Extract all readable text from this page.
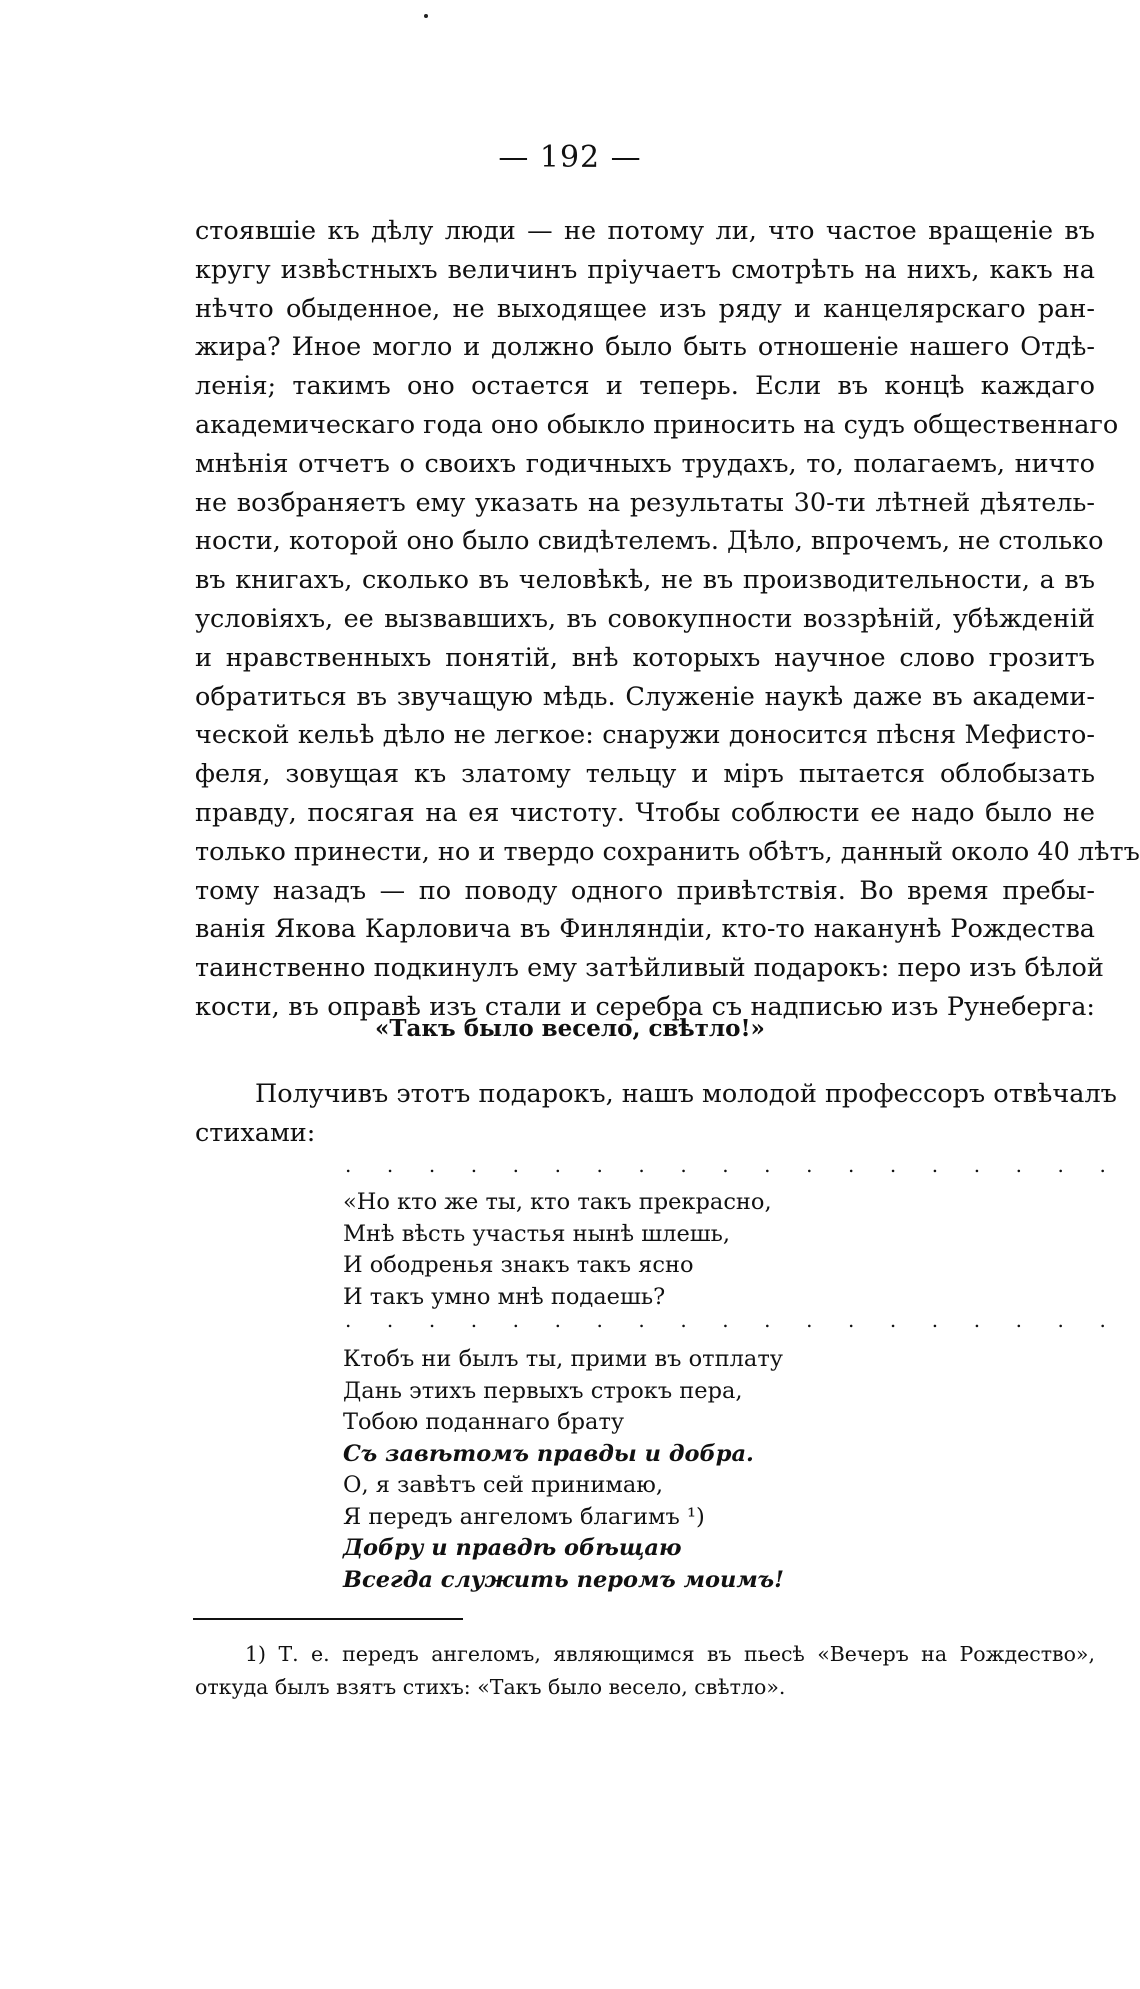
— 192 —
стоявшіе къ дѣлу люди — не потому ли, что частое вращеніе въ
кругу извѣстныхъ величинъ пріучаетъ смотрѣть на нихъ, какъ на
нѣчто обыденное, не выходящее изъ ряду и канцелярскаго ран-
жира? Иное могло и должно было быть отношеніе нашего Отдѣ-
ленія; такимъ оно остается и теперь. Если въ концѣ каждаго
академическаго года оно обыкло приносить на судъ общественнаго
мнѣнія отчетъ о своихъ годичныхъ трудахъ, то, полагаемъ, ничто
не возбраняетъ ему указать на результаты 30-ти лѣтней дѣятель-
ности, которой оно было свидѣтелемъ. Дѣло, впрочемъ, не столько
въ книгахъ, сколько въ человѣкѣ, не въ производительности, а въ
условіяхъ, ее вызвавшихъ, въ совокупности воззрѣній, убѣжденій
и нравственныхъ понятій, внѣ которыхъ научное слово грозитъ
обратиться въ звучащую мѣдь. Служеніе наукѣ даже въ академи-
ческой кельѣ дѣло не легкое: снаружи доносится пѣсня Мефисто-
феля, зовущая къ златому тельцу и міръ пытается облобызать
правду, посягая на ея чистоту. Чтобы соблюсти ее надо было не
только принести, но и твердо сохранить обѣтъ, данный около 40 лѣтъ
тому назадъ — по поводу одного привѣтствія. Во время пребы-
ванія Якова Карловича въ Финляндіи, кто-то наканунѣ Рождества
таинственно подкинулъ ему затѣйливый подарокъ: перо изъ бѣлой
кости, въ оправѣ изъ стали и серебра съ надписью изъ Рунеберга:
«Такъ было весело, свѣтло!»
Получивъ этотъ подарокъ, нашъ молодой профессоръ отвѣчалъ
стихами:
. . . . . . . . . . . . . . . . . . .
«Но кто же ты, кто такъ прекрасно,
Мнѣ вѣсть участья нынѣ шлешь,
И ободренья знакъ такъ ясно
И такъ умно мнѣ подаешь?
. . . . . . . . . . . . . . . . . . .
Ктобъ ни былъ ты, прими въ отплату
Дань этихъ первыхъ строкъ пера,
Тобою поданнаго брату
Съ завѣтомъ правды и добра.
О, я завѣтъ сей принимаю,
Я передъ ангеломъ благимъ ¹)
Добру и правдѣ обѣщаю
Всегда служить перомъ моимъ!
1) Т. е. передъ ангеломъ, являющимся въ пьесѣ «Вечеръ на Рождество»,
откуда былъ взятъ стихъ: «Такъ было весело, свѣтло».
